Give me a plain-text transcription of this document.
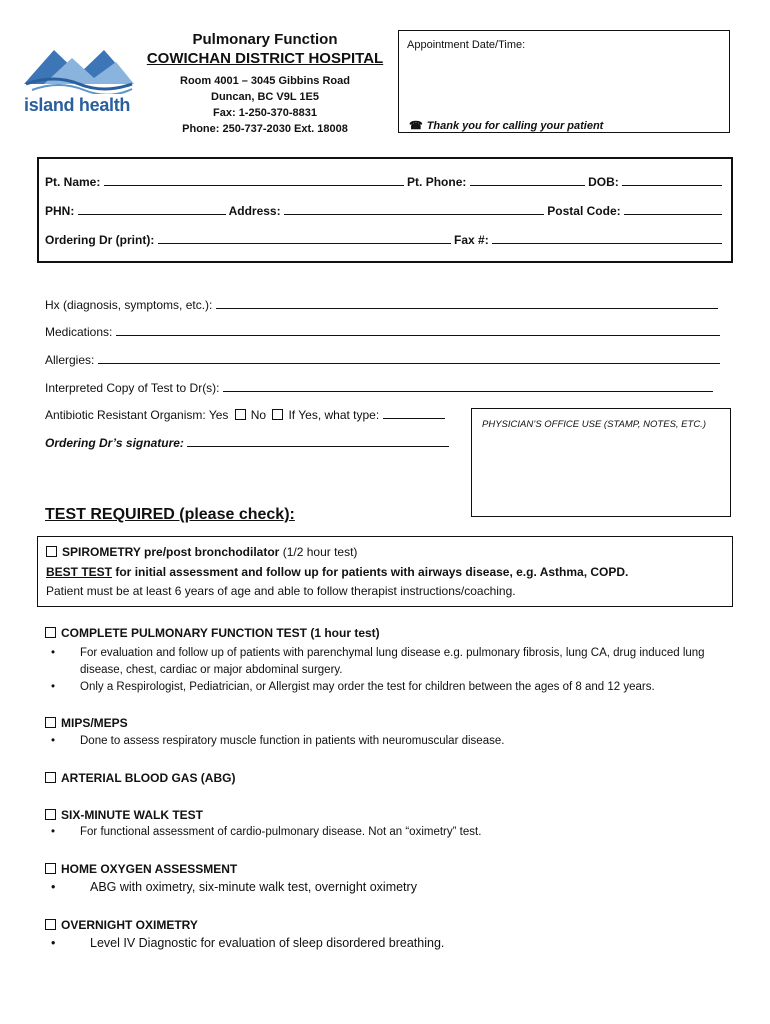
island health
Pulmonary Function
COWICHAN DISTRICT HOSPITAL
Room 4001 – 3045 Gibbins Road
Duncan, BC V9L 1E5
Fax: 1-250-370-8831
Phone: 250-737-2030 Ext. 18008
Appointment Date/Time:
☎ Thank you for calling your patient
Pt. Name:	Pt. Phone:	DOB:
PHN:	Address:	Postal Code:
Ordering Dr (print):	Fax #:
Hx (diagnosis, symptoms, etc.):
Medications:
Allergies:
Interpreted Copy of Test to Dr(s):
Antibiotic Resistant Organism: Yes No If Yes, what type:
Ordering Dr’s signature:
PHYSICIAN’S OFFICE USE (STAMP, NOTES, ETC.)
TEST REQUIRED (please check):
SPIROMETRY pre/post bronchodilator (1/2 hour test)
BEST TEST for initial assessment and follow up for patients with airways disease, e.g. Asthma, COPD.
Patient must be at least 6 years of age and able to follow therapist instructions/coaching.
COMPLETE PULMONARY FUNCTION TEST (1 hour test)
• For evaluation and follow up of patients with parenchymal lung disease e.g. pulmonary fibrosis, lung CA, drug induced lung disease, chest, cardiac or major abdominal surgery.
• Only a Respirologist, Pediatrician, or Allergist may order the test for children between the ages of 8 and 12 years.
MIPS/MEPS
• Done to assess respiratory muscle function in patients with neuromuscular disease.
ARTERIAL BLOOD GAS (ABG)
SIX-MINUTE WALK TEST
• For functional assessment of cardio-pulmonary disease. Not an “oximetry” test.
HOME OXYGEN ASSESSMENT
• ABG with oximetry, six-minute walk test, overnight oximetry
OVERNIGHT OXIMETRY
• Level IV Diagnostic for evaluation of sleep disordered breathing.
